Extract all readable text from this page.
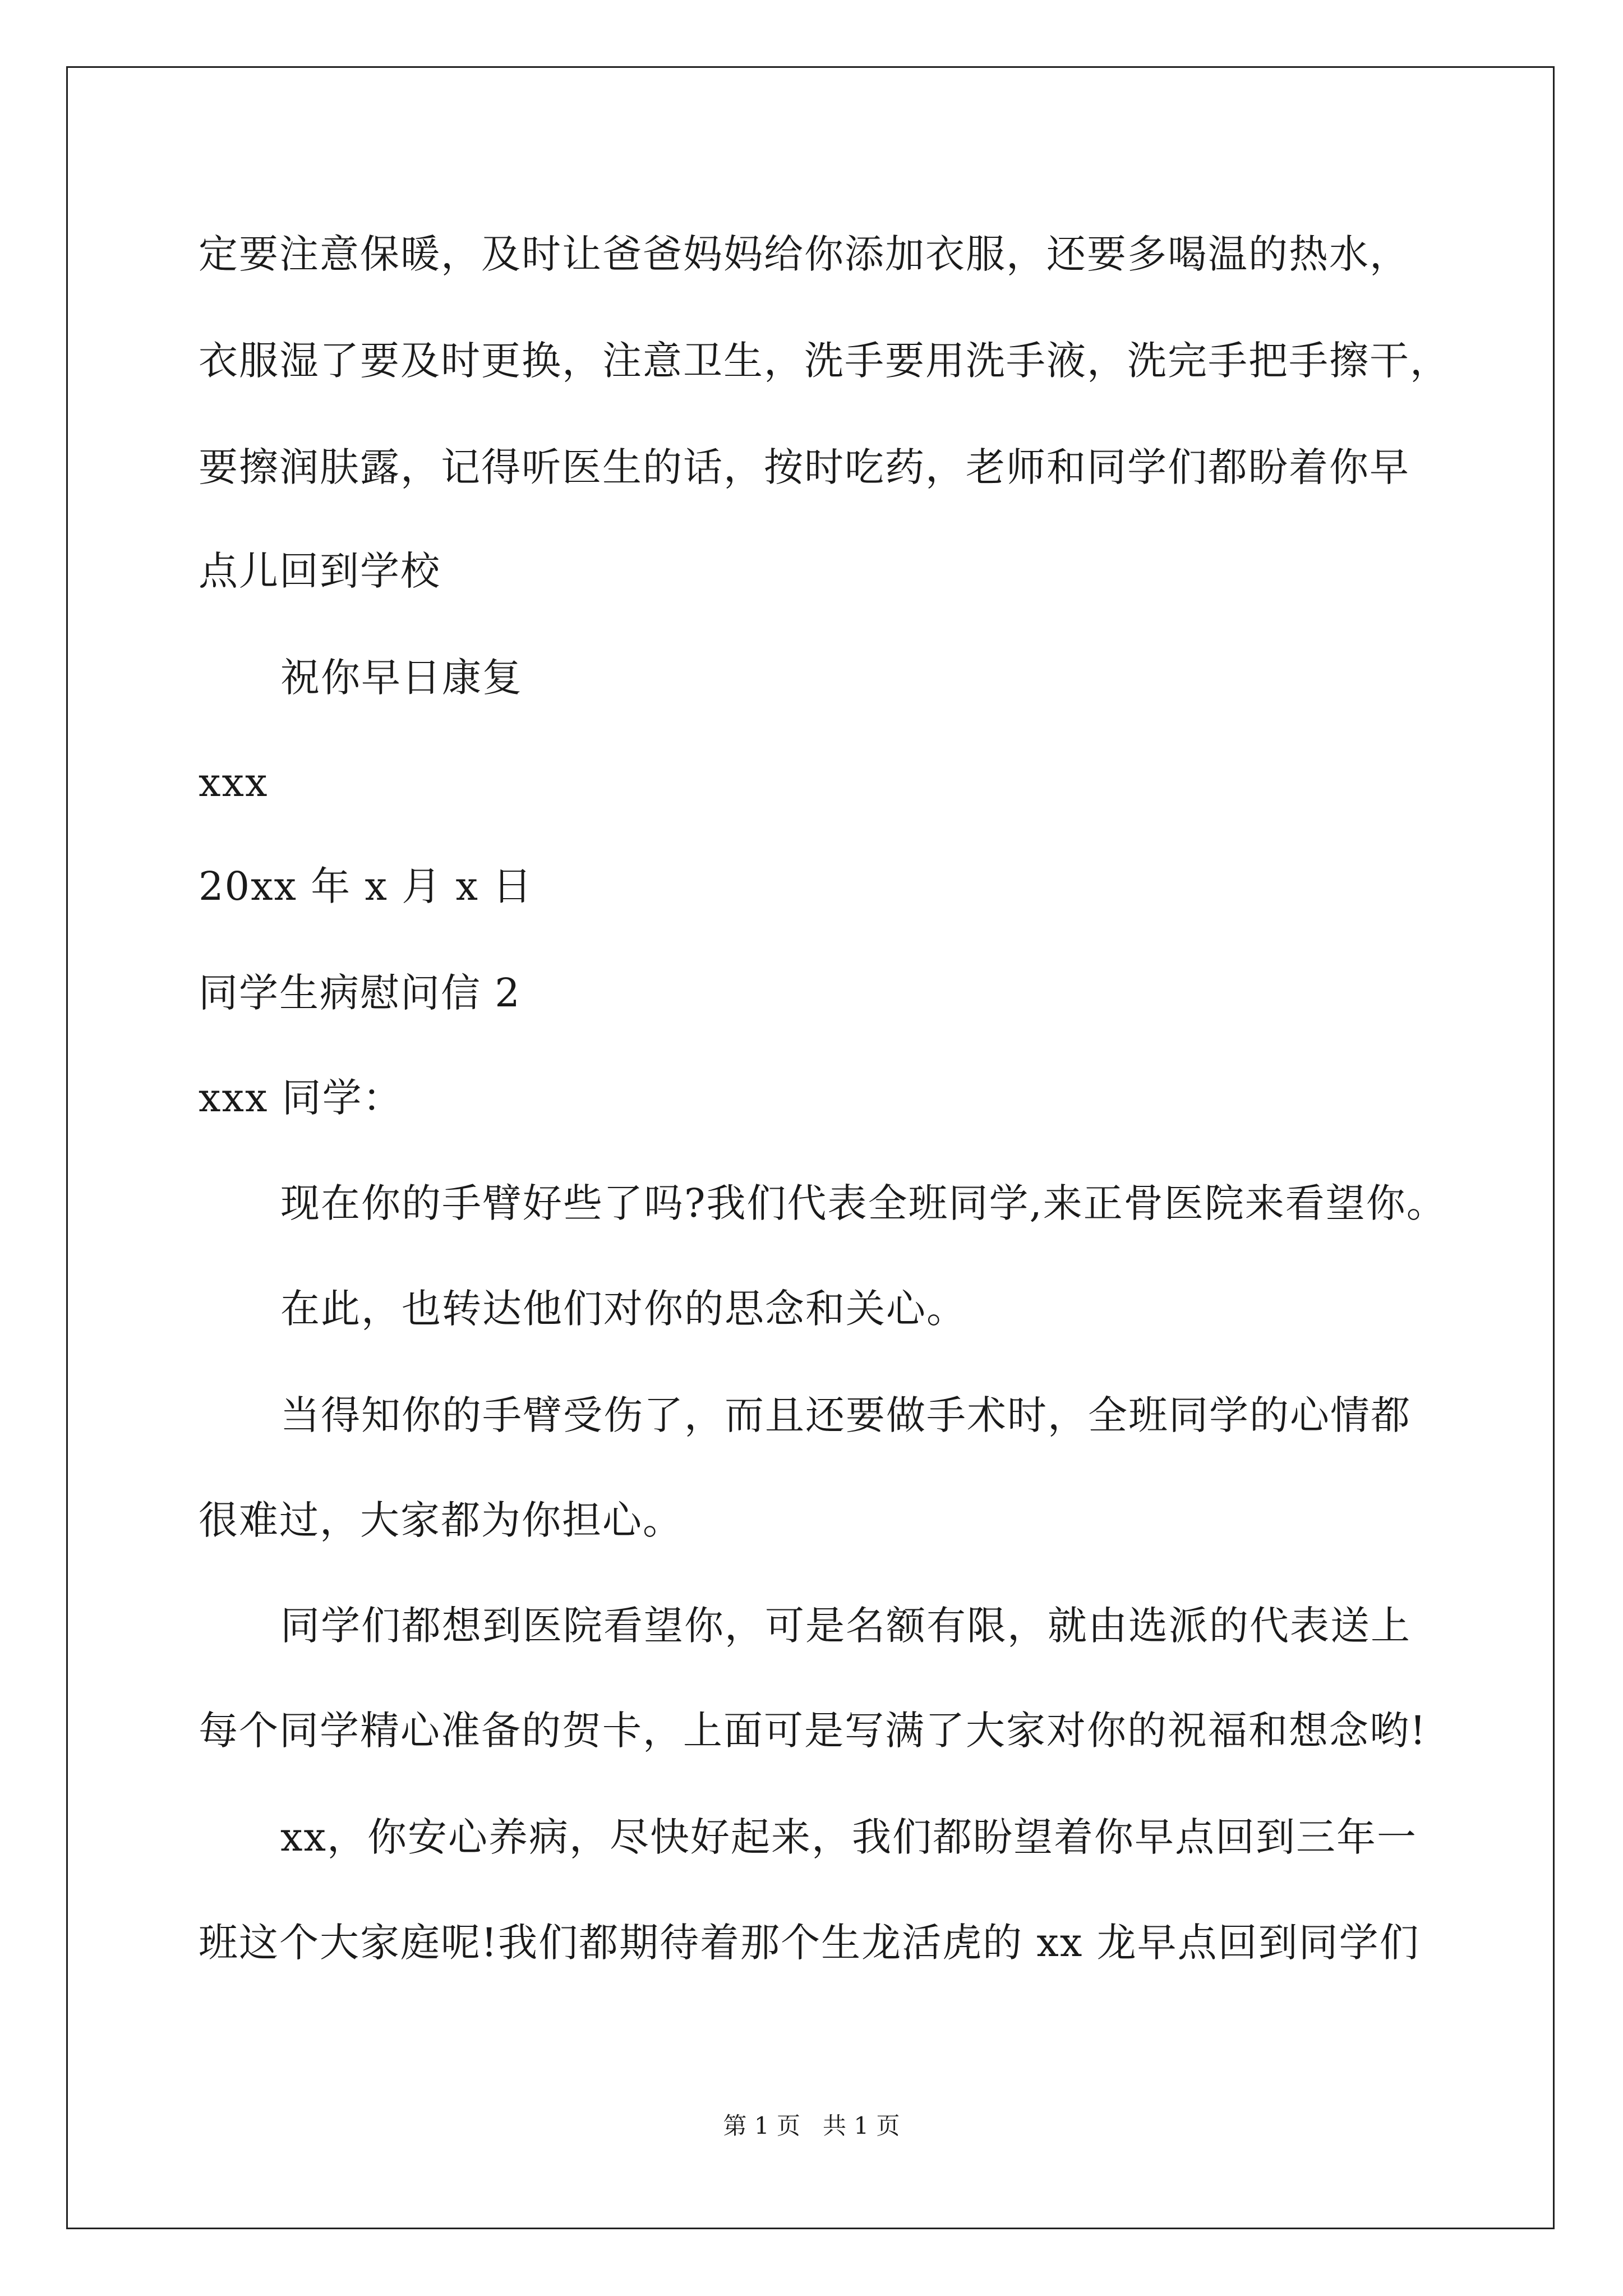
定要注意保暖，及时让爸爸妈妈给你添加衣服，还要多喝温的热水，
衣服湿了要及时更换，注意卫生，洗手要用洗手液，洗完手把手擦干，
要擦润肤露，记得听医生的话，按时吃药，老师和同学们都盼着你早
点儿回到学校
祝你早日康复
xxx
20xx 年 x 月 x 日
同学生病慰问信 2
xxx 同学：
现在你的手臂好些了吗?我们代表全班同学,来正骨医院来看望你。
在此，也转达他们对你的思念和关心。
当得知你的手臂受伤了，而且还要做手术时，全班同学的心情都
很难过，大家都为你担心。
同学们都想到医院看望你，可是名额有限，就由选派的代表送上
每个同学精心准备的贺卡，上面可是写满了大家对你的祝福和想念哟!
xx，你安心养病，尽快好起来，我们都盼望着你早点回到三年一
班这个大家庭呢!我们都期待着那个生龙活虎的 xx 龙早点回到同学们
第 1 页   共 1 页
